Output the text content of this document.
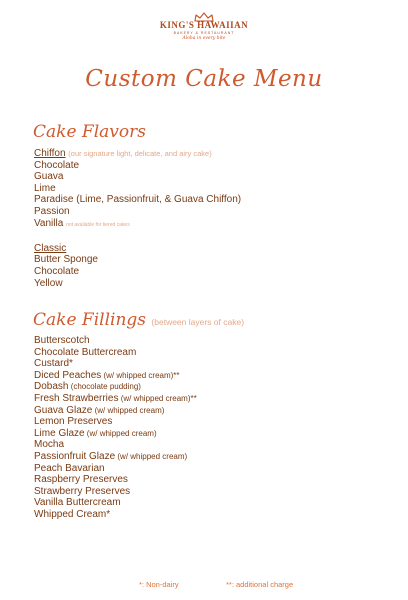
KING'S HAWAIIAN
BAKERY & RESTAURANT
Aloha in every bite
Custom Cake Menu
Cake Flavors
Chiffon (our signature light, delicate, and airy cake)
Chocolate
Guava
Lime
Paradise (Lime, Passionfruit, & Guava Chiffon)
Passion
Vanilla not available for tiered cakes
Classic
Butter Sponge
Chocolate
Yellow
Cake Fillings (between layers of cake)
Butterscotch
Chocolate Buttercream
Custard*
Diced Peaches (w/ whipped cream)**
Dobash (chocolate pudding)
Fresh Strawberries (w/ whipped cream)**
Guava Glaze (w/ whipped cream)
Lemon Preserves
Lime Glaze (w/ whipped cream)
Mocha
Passionfruit Glaze (w/ whipped cream)
Peach Bavarian
Raspberry Preserves
Strawberry Preserves
Vanilla Buttercream
Whipped Cream*
*: Non-dairy	**: additional charge
